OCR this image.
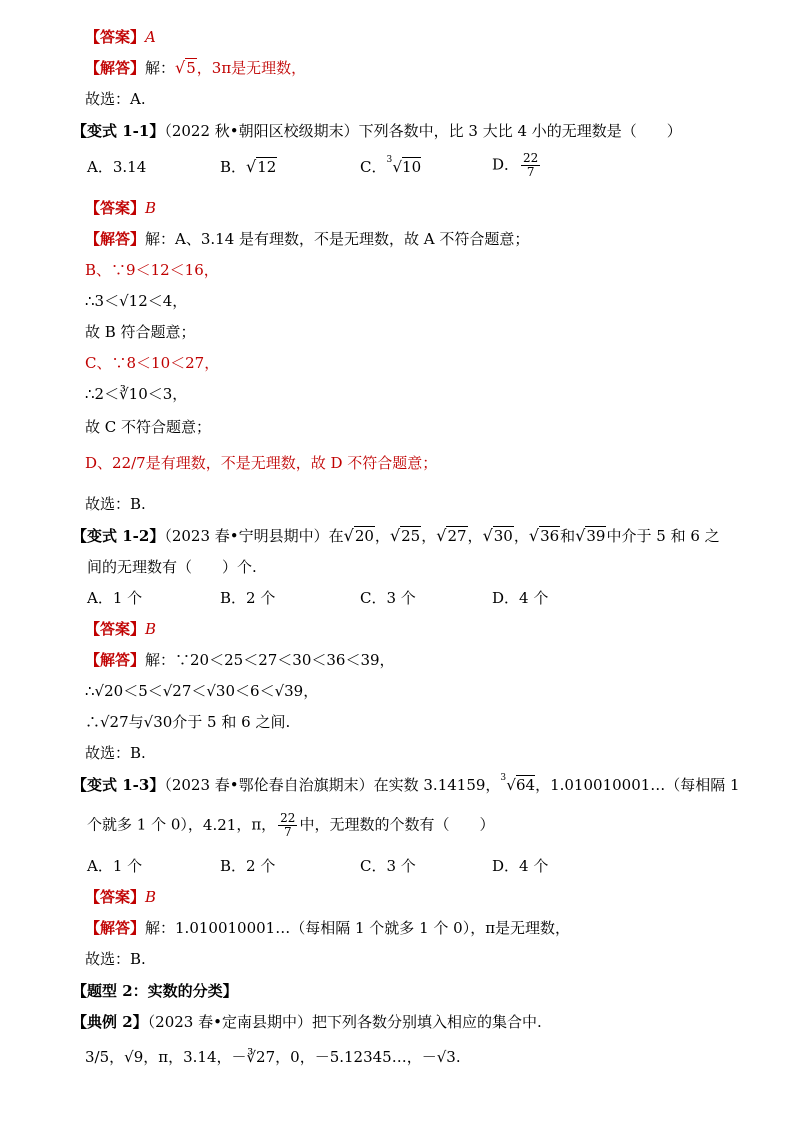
【答案】A
【解答】解：√5，3π是无理数，
故选：A.
【变式 1-1】（2022 秋•朝阳区校级期末）下列各数中，比 3 大比 4 小的无理数是（　　）
A．3.14	B．√12	C． 3 √10	D． $\frac{22}{7}$
【答案】B
【解答】解：A、3.14 是有理数，不是无理数，故 A 不符合题意；
B、∵9＜12＜16，
∴3＜√12＜4，
故 B 符合题意；
C、∵8＜10＜27，
∴2＜∛10＜3，
故 C 不符合题意；
D、22/7是有理数，不是无理数，故 D 不符合题意；
故选：B.
【变式 1-2】（2023 春•宁明县期中）在√20，√25，√27，√30，√36和√39中介于 5 和 6 之
间的无理数有（　　）个.
A．1 个	B．2 个	C．3 个	D．4 个
【答案】B
【解答】解：∵20＜25＜27＜30＜36＜39，
∴√20＜5＜√27＜√30＜6＜√39，
∴√27与√30介于 5 和 6 之间.
故选：B.
【变式 1-3】（2023 春•鄂伦春自治旗期末）在实数 3.14159， 3 √64，1.010010001…（每相隔 1
个就多 1 个 0），4.21，π， $\frac{22}{7}$ 中，无理数的个数有（　　）
A．1 个	B．2 个	C．3 个	D．4 个
【答案】B
【解答】解：1.010010001…（每相隔 1 个就多 1 个 0），π是无理数，
故选：B.
【题型 2：实数的分类】
【典例 2】（2023 春•定南县期中）把下列各数分别填入相应的集合中.
3/5，√9，π，3.14，－∛27，0，－5.12345…，－√3.
